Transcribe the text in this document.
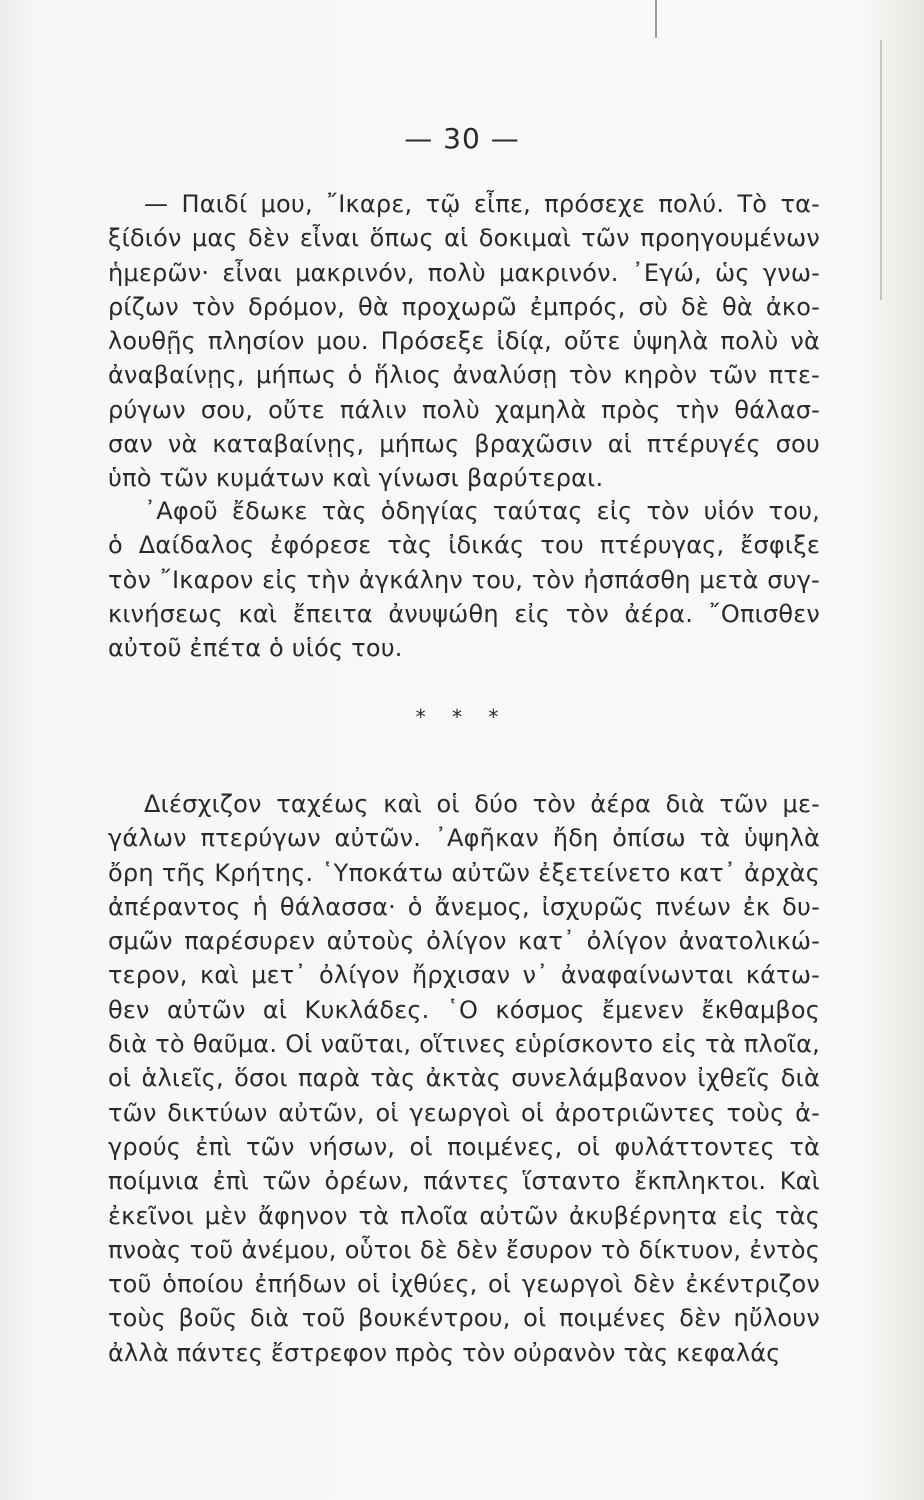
— 30 —
— Παιδί μου, ῎Ικαρε, τῷ εἶπε, πρόσεχε πολύ. Τὸ τα-
ξίδιόν μας δὲν εἶναι ὅπως αἱ δοκιμαὶ τῶν προηγουμένων
ἡμερῶν· εἶναι μακρινόν, πολὺ μακρινόν. ᾿Εγώ, ὡς γνω-
ρίζων τὸν δρόμον, θὰ προχωρῶ ἐμπρός, σὺ δὲ θὰ ἀκο-
λουθῇς πλησίον μου. Πρόσεξε ἰδίᾳ, οὔτε ὑψηλὰ πολὺ νὰ
ἀναβαίνῃς, μήπως ὁ ἥλιος ἀναλύσῃ τὸν κηρὸν τῶν πτε-
ρύγων σου, οὔτε πάλιν πολὺ χαμηλὰ πρὸς τὴν θάλασ-
σαν νὰ καταβαίνῃς, μήπως βραχῶσιν αἱ πτέρυγές σου
ὑπὸ τῶν κυμάτων καὶ γίνωσι βαρύτεραι.
᾿Αφοῦ ἔδωκε τὰς ὁδηγίας ταύτας εἰς τὸν υἱόν του,
ὁ Δαίδαλος ἐφόρεσε τὰς ἰδικάς του πτέρυγας, ἔσφιξε
τὸν ῎Ικαρον εἰς τὴν ἀγκάλην του, τὸν ἠσπάσθη μετὰ συγ-
κινήσεως καὶ ἔπειτα ἀνυψώθη εἰς τὸν ἀέρα. ῎Οπισθεν
αὐτοῦ ἐπέτα ὁ υἱός του.
* * *
Διέσχιζον ταχέως καὶ οἱ δύο τὸν ἀέρα διὰ τῶν με-
γάλων πτερύγων αὐτῶν. ᾿Αφῆκαν ἤδη ὀπίσω τὰ ὑψηλὰ
ὄρη τῆς Κρήτης. ῾Υποκάτω αὐτῶν ἐξετείνετο κατ᾿ ἀρχὰς
ἀπέραντος ἡ θάλασσα· ὁ ἄνεμος, ἰσχυρῶς πνέων ἐκ δυ-
σμῶν παρέσυρεν αὐτοὺς ὀλίγον κατ᾿ ὀλίγον ἀνατολικώ-
τερον, καὶ μετ᾿ ὀλίγον ἤρχισαν ν᾿ ἀναφαίνωνται κάτω-
θεν αὐτῶν αἱ Κυκλάδες. ῾Ο κόσμος ἔμενεν ἔκθαμβος
διὰ τὸ θαῦμα. Οἱ ναῦται, οἵτινες εὑρίσκοντο εἰς τὰ πλοῖα,
οἱ ἁλιεῖς, ὅσοι παρὰ τὰς ἀκτὰς συνελάμβανον ἰχθεῖς διὰ
τῶν δικτύων αὐτῶν, οἱ γεωργοὶ οἱ ἀροτριῶντες τοὺς ἀ-
γρούς ἐπὶ τῶν νήσων, οἱ ποιμένες, οἱ φυλάττοντες τὰ
ποίμνια ἐπὶ τῶν ὀρέων, πάντες ἵσταντο ἔκπληκτοι. Καὶ
ἐκεῖνοι μὲν ἄφηνον τὰ πλοῖα αὐτῶν ἀκυβέρνητα εἰς τὰς
πνοὰς τοῦ ἀνέμου, οὗτοι δὲ δὲν ἔσυρον τὸ δίκτυον, ἐντὸς
τοῦ ὁποίου ἐπήδων οἱ ἰχθύες, οἱ γεωργοὶ δὲν ἐκέντριζον
τοὺς βοῦς διὰ τοῦ βουκέντρου, οἱ ποιμένες δὲν ηὔλουν
ἀλλὰ πάντες ἔστρεφον πρὸς τὸν οὐρανὸν τὰς κεφαλάς
